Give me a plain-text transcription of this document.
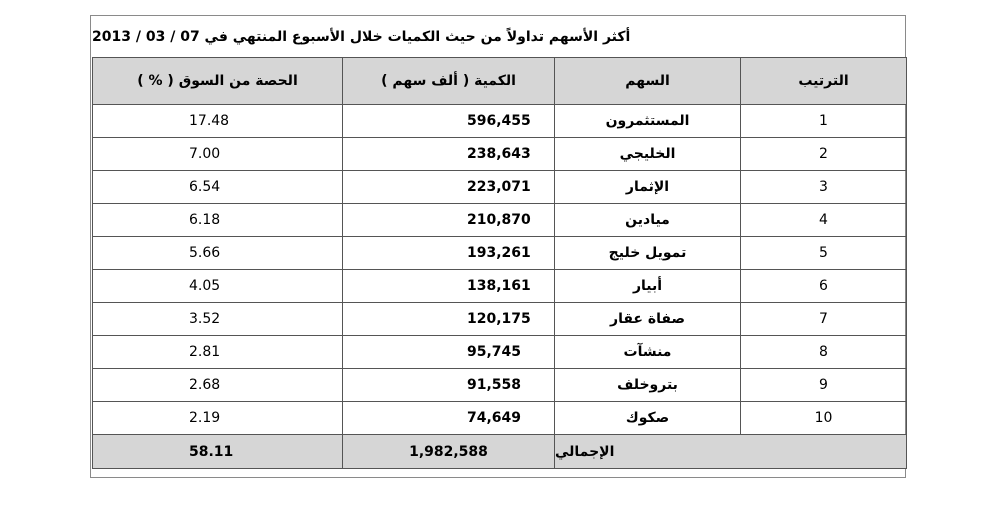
أكثر الأسهم تداولاً من حيث الكميات خلال الأسبوع المنتهي في 07 / 03 / 2013
الترتيب	السهم	الكمية ( ألف سهم )	الحصة من السوق ( % )
1	المستثمرون	596,455	17.48
2	الخليجي	238,643	7.00
3	الإثمار	223,071	6.54
4	ميادين	210,870	6.18
5	تمويل خليج	193,261	5.66
6	أبيار	138,161	4.05
7	صفاة عقار	120,175	3.52
8	منشآت	95,745	2.81
9	بتروخلف	91,558	2.68
10	صكوك	74,649	2.19
الإجمالي		1,982,588	58.11
